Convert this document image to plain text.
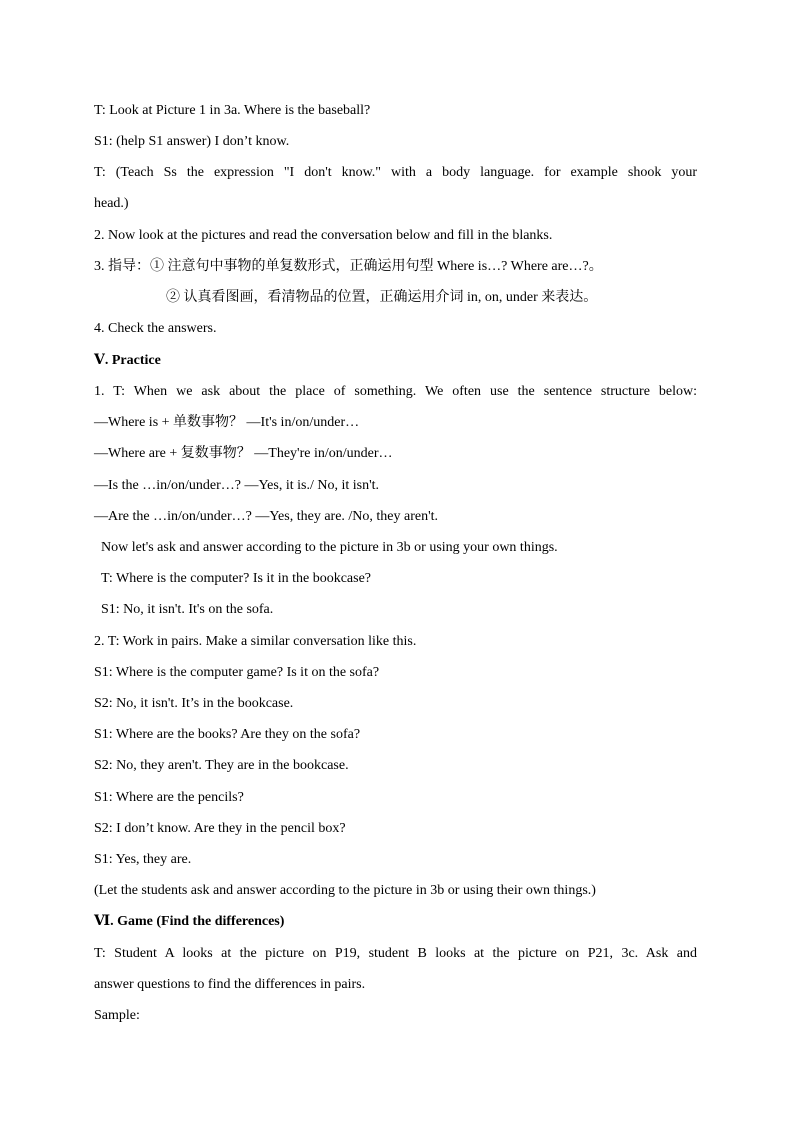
T: Look at Picture 1 in 3a. Where is the baseball?
S1: (help S1 answer) I don’t know.
T: (Teach Ss the expression "I don't know." with a body language. for example shook your
head.)
2. Now look at the pictures and read the conversation below and fill in the blanks.
3. 指导：① 注意句中事物的单复数形式，正确运用句型 Where is…? Where are…?。
② 认真看图画，看清物品的位置，正确运用介词 in, on, under 来表达。
4. Check the answers.
Ⅴ. Practice
1. T: When we ask about the place of something. We often use the sentence structure below:
—Where is + 单数事物？ —It's in/on/under…
—Where are + 复数事物？ —They're in/on/under…
—Is the …in/on/under…? —Yes, it is./ No, it isn't.
—Are the …in/on/under…? —Yes, they are. /No, they aren't.
Now let's ask and answer according to the picture in 3b or using your own things.
T: Where is the computer? Is it in the bookcase?
S1: No, it isn't. It's on the sofa.
2. T: Work in pairs. Make a similar conversation like this.
S1: Where is the computer game? Is it on the sofa?
S2: No, it isn't. It’s in the bookcase.
S1: Where are the books? Are they on the sofa?
S2: No, they aren't. They are in the bookcase.
S1: Where are the pencils?
S2: I don’t know. Are they in the pencil box?
S1: Yes, they are.
(Let the students ask and answer according to the picture in 3b or using their own things.)
Ⅵ. Game (Find the differences)
T: Student A looks at the picture on P19, student B looks at the picture on P21, 3c. Ask and
answer questions to find the differences in pairs.
Sample:
